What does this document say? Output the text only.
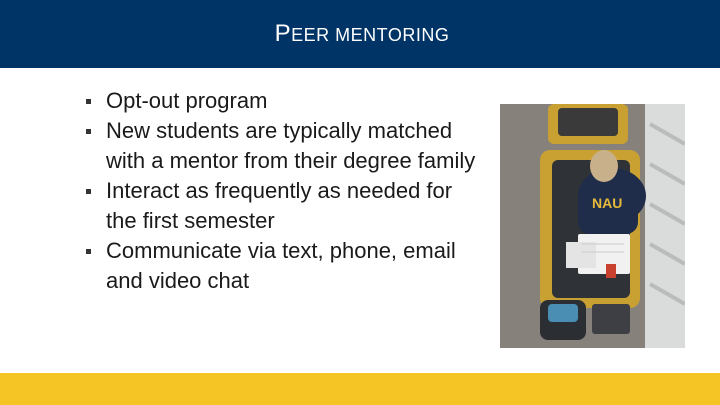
PEER MENTORING
Opt-out program
New students are typically matched with a mentor from their degree family
Interact as frequently as needed for the first semester
Communicate via text, phone, email and video chat
NAU
